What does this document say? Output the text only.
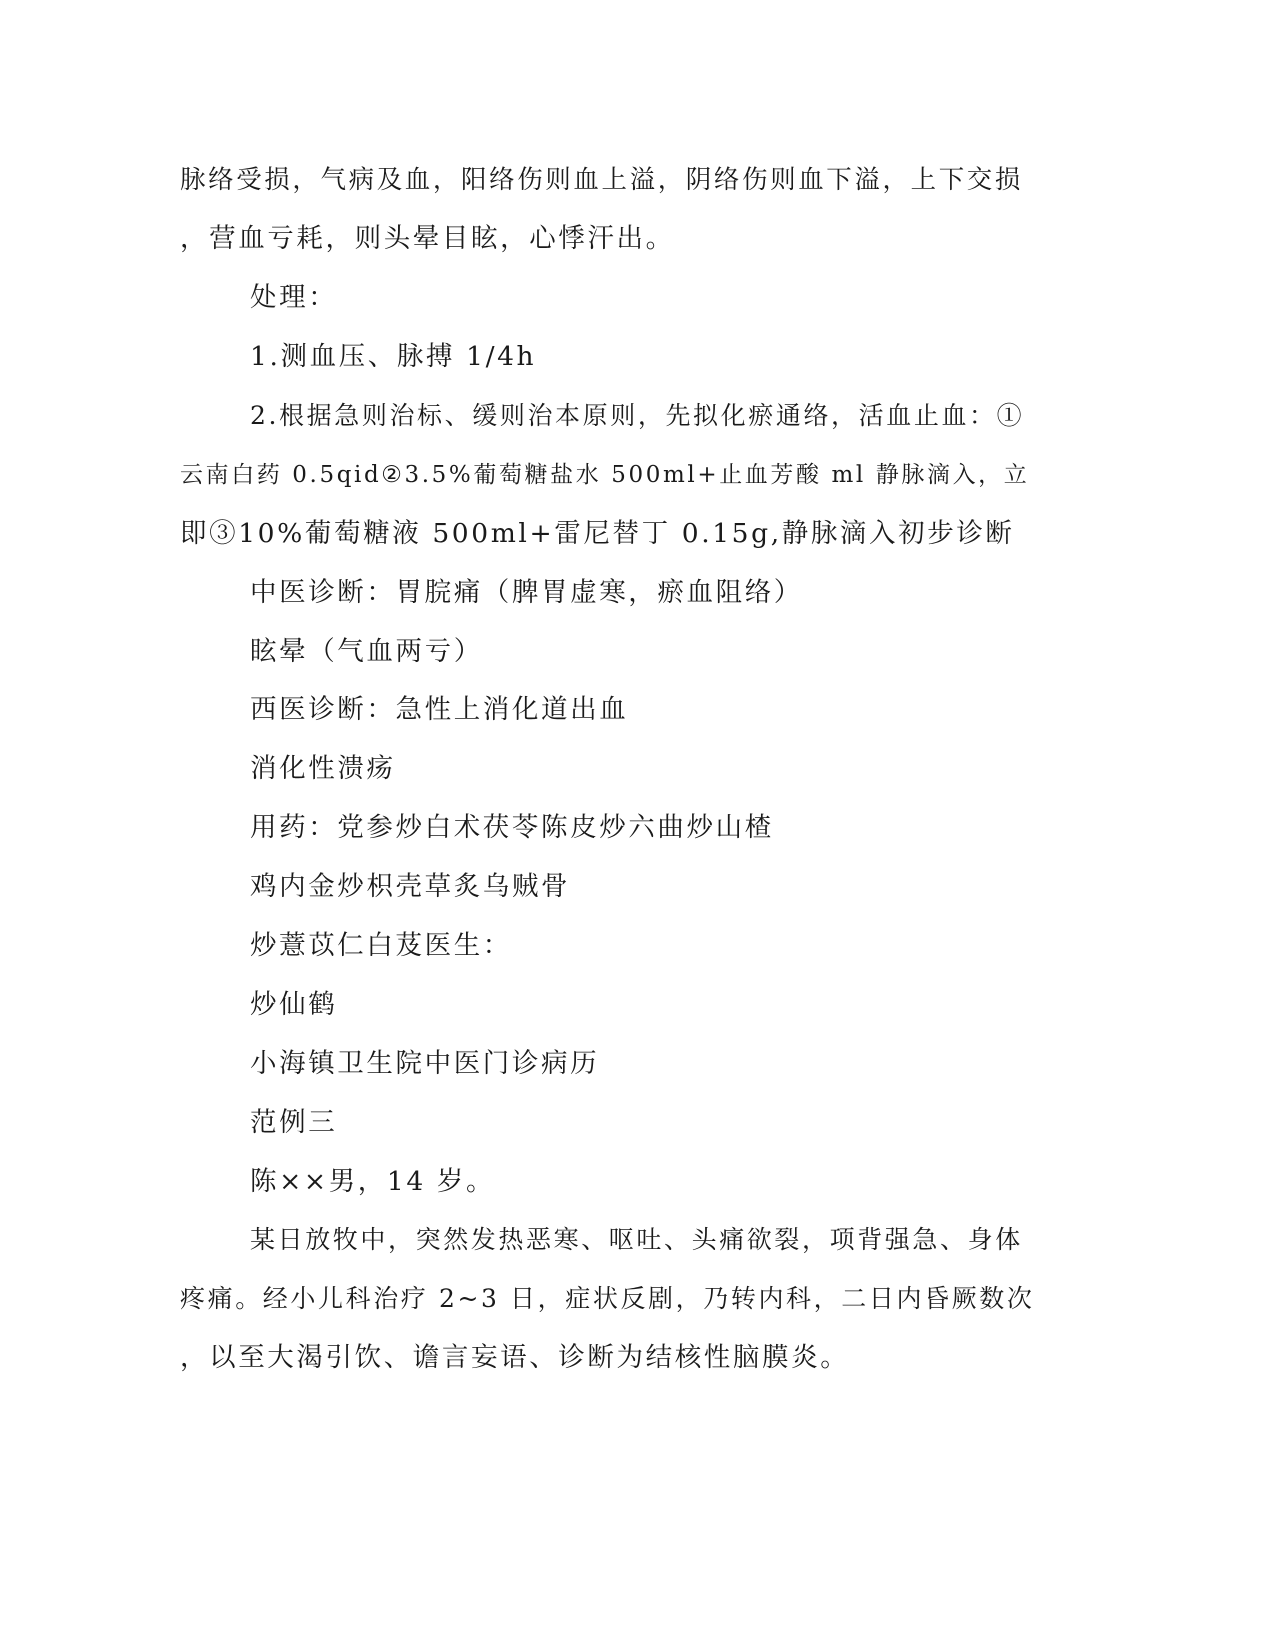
脉络受损，气病及血，阳络伤则血上溢，阴络伤则血下溢，上下交损
，营血亏耗，则头晕目眩，心悸汗出。
处理：
1.测血压、脉搏 1/4h
2.根据急则治标、缓则治本原则，先拟化瘀通络，活血止血：①
云南白药 0.5qid②3.5%葡萄糖盐水 500ml+止血芳酸 ml 静脉滴入，立
即③10%葡萄糖液 500ml+雷尼替丁 0.15g,静脉滴入初步诊断
中医诊断：胃脘痛（脾胃虚寒，瘀血阻络）
眩晕（气血两亏）
西医诊断：急性上消化道出血
消化性溃疡
用药：党参炒白术茯苓陈皮炒六曲炒山楂
鸡内金炒枳壳草炙乌贼骨
炒薏苡仁白芨医生：
炒仙鹤
小海镇卫生院中医门诊病历
范例三
陈××男，14 岁。
某日放牧中，突然发热恶寒、呕吐、头痛欲裂，项背强急、身体
疼痛。经小儿科治疗 2~3 日，症状反剧，乃转内科，二日内昏厥数次
，以至大渴引饮、谵言妄语、诊断为结核性脑膜炎。
